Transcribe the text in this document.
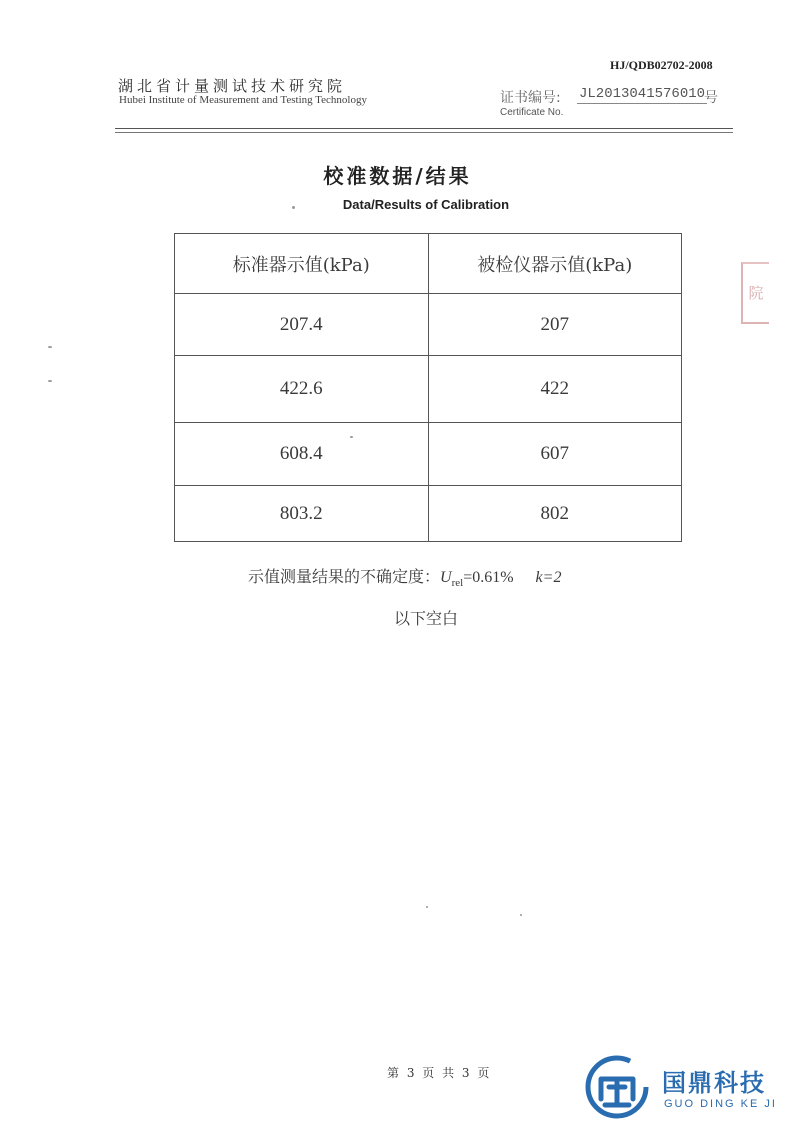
HJ/QDB02702-2008
湖北省计量测试技术研究院
Hubei Institute of Measurement and Testing Technology	证书编号: JL2013041576010
号
Certificate No.
校准数据/结果
Data/Results of Calibration
标准器示值(kPa)	被检仪器示值(kPa)
207.4	207
422.6	422
608.4	607
803.2	802
示值测量结果的不确定度：$U_{rel}=0.61\%$ k=2
以下空白
第 3 页 共 3 页
院
国鼎科技
GUO DING KE JI
